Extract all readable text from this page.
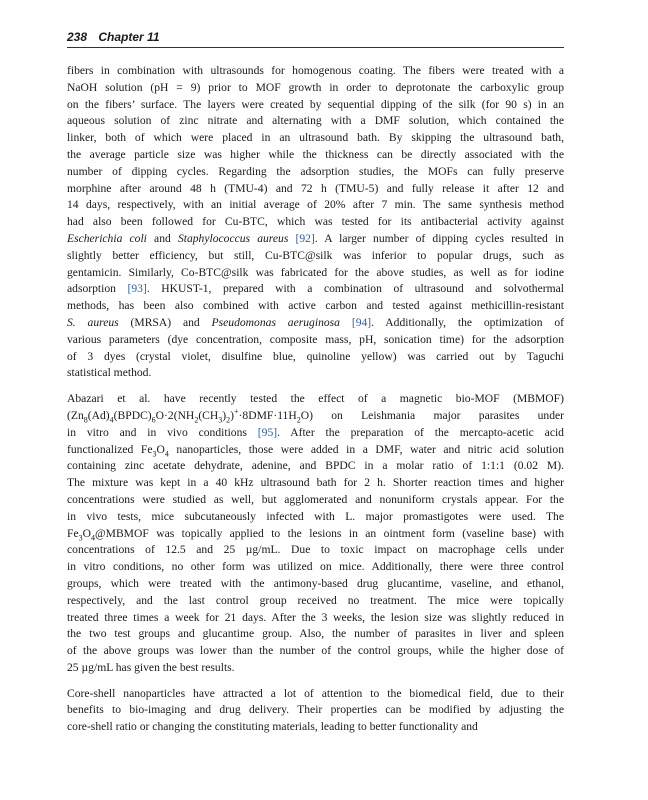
238 Chapter 11
fibers in combination with ultrasounds for homogenous coating. The fibers were treated with a
NaOH solution (pH = 9) prior to MOF growth in order to deprotonate the carboxylic group
on the fibers’ surface. The layers were created by sequential dipping of the silk (for 90 s) in an
aqueous solution of zinc nitrate and alternating with a DMF solution, which contained the
linker, both of which were placed in an ultrasound bath. By skipping the ultrasound bath,
the average particle size was higher while the thickness can be directly associated with the
number of dipping cycles. Regarding the adsorption studies, the MOFs can fully preserve
morphine after around 48 h (TMU-4) and 72 h (TMU-5) and fully release it after 12 and
14 days, respectively, with an initial average of 20% after 7 min. The same synthesis method
had also been followed for Cu-BTC, which was tested for its antibacterial activity against
Escherichia coli and Staphylococcus aureus [92]. A larger number of dipping cycles resulted in
slightly better efficiency, but still, Cu-BTC@silk was inferior to popular drugs, such as
gentamicin. Similarly, Co-BTC@silk was fabricated for the above studies, as well as for iodine
adsorption [93]. HKUST-1, prepared with a combination of ultrasound and solvothermal
methods, has been also combined with active carbon and tested against methicillin-resistant
S. aureus (MRSA) and Pseudomonas aeruginosa [94]. Additionally, the optimization of
various parameters (dye concentration, composite mass, pH, sonication time) for the adsorption
of 3 dyes (crystal violet, disulfine blue, quinoline yellow) was carried out by Taguchi
statistical method.
Abazari et al. have recently tested the effect of a magnetic bio-MOF (MBMOF)
$(Zn_8(Ad)_4(BPDC)_6O\cdot 2(NH_2(CH_3)_2)^+\cdot 8DMF\cdot 11H_2O)$ on Leishmania major parasites under
in vitro and in vivo conditions [95]. After the preparation of the mercapto-acetic acid
functionalized $Fe_3O_4$ nanoparticles, those were added in a DMF, water and nitric acid solution
containing zinc acetate dehydrate, adenine, and BPDC in a molar ratio of 1:1:1 (0.02 M).
The mixture was kept in a 40 kHz ultrasound bath for 2 h. Shorter reaction times and higher
concentrations were studied as well, but agglomerated and nonuniform crystals appear. For the
in vivo tests, mice subcutaneously infected with L. major promastigotes were used. The
$Fe_3O_4@MBMOF$ was topically applied to the lesions in an ointment form (vaseline base) with
concentrations of 12.5 and 25 µg/mL. Due to toxic impact on macrophage cells under
in vitro conditions, no other form was utilized on mice. Additionally, there were three control
groups, which were treated with the antimony-based drug glucantime, vaseline, and ethanol,
respectively, and the last control group received no treatment. The mice were topically
treated three times a week for 21 days. After the 3 weeks, the lesion size was slightly reduced in
the two test groups and glucantime group. Also, the number of parasites in liver and spleen
of the above groups was lower than the number of the control groups, while the higher dose of
25 µg/mL has given the best results.
Core-shell nanoparticles have attracted a lot of attention to the biomedical field, due to their
benefits to bio-imaging and drug delivery. Their properties can be modified by adjusting the
core-shell ratio or changing the constituting materials, leading to better functionality and
